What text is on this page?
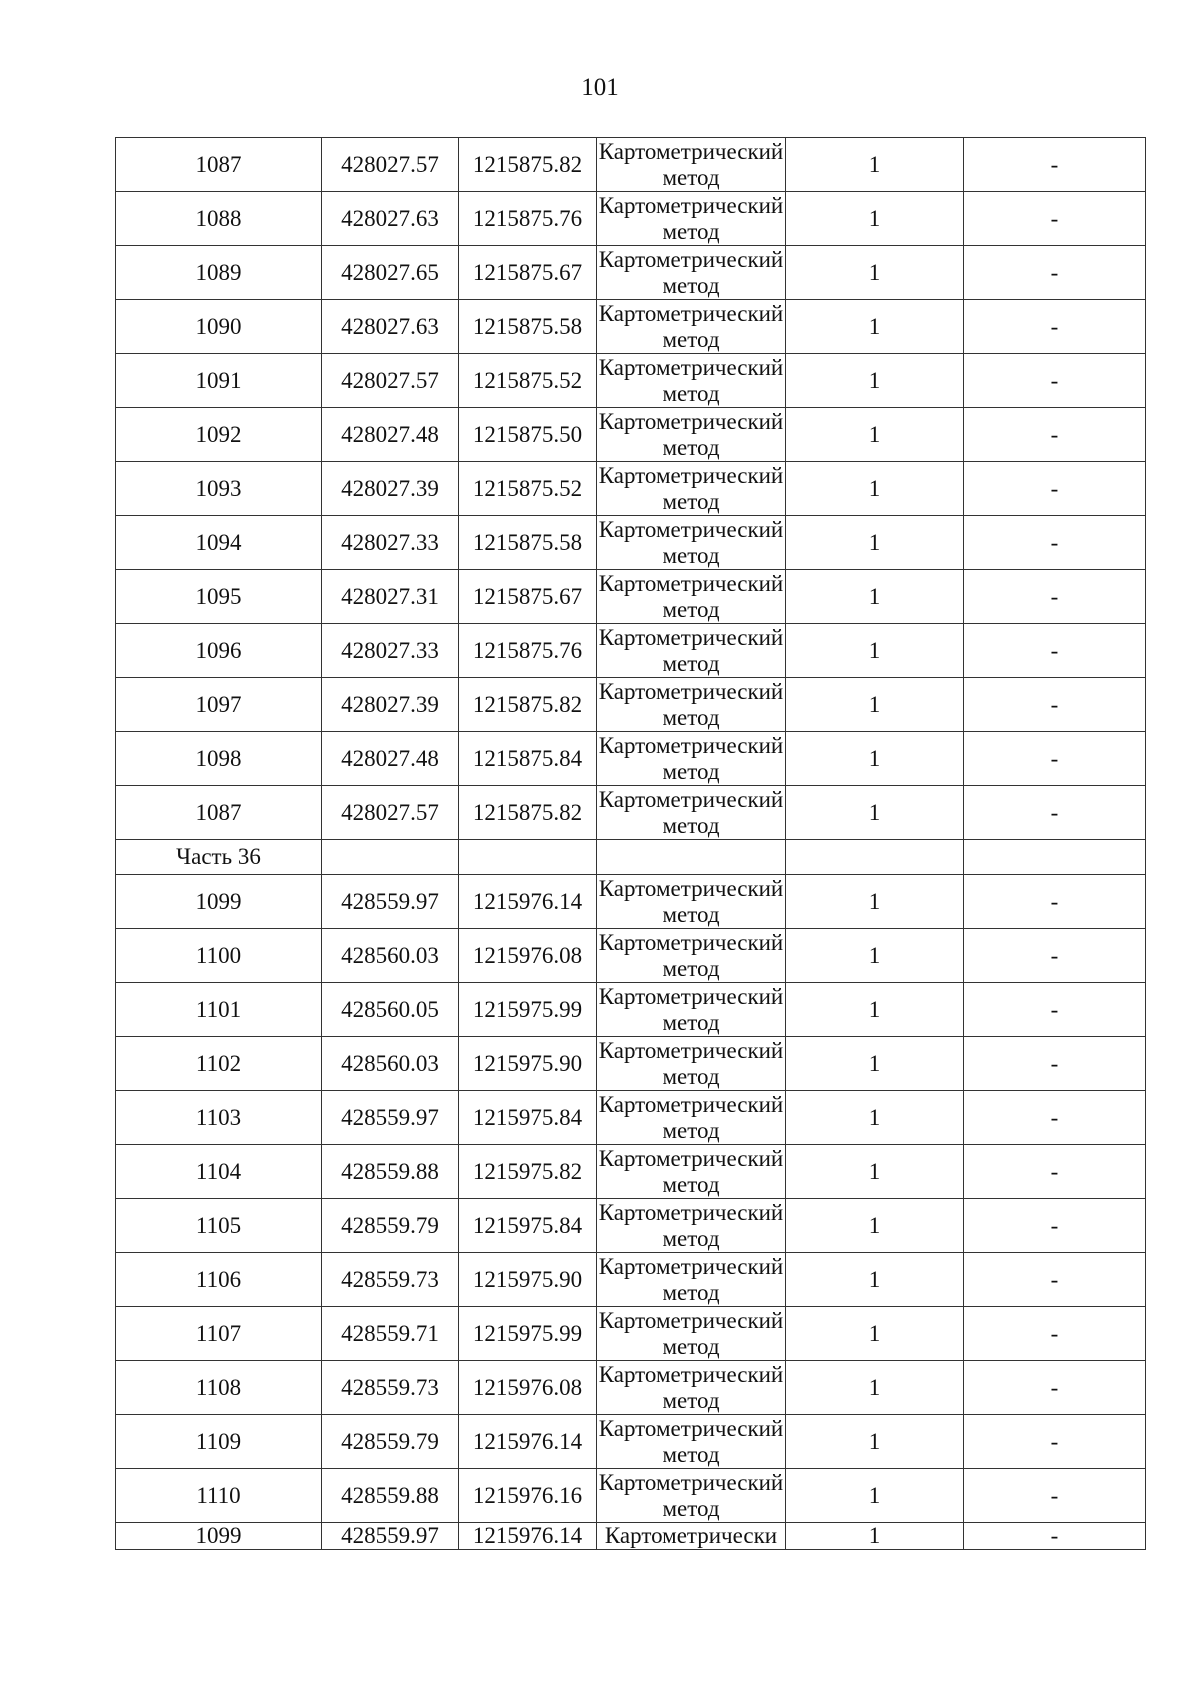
101
1087	428027.57	1215875.82	Картометрический метод	1	-
1088	428027.63	1215875.76	Картометрический метод	1	-
1089	428027.65	1215875.67	Картометрический метод	1	-
1090	428027.63	1215875.58	Картометрический метод	1	-
1091	428027.57	1215875.52	Картометрический метод	1	-
1092	428027.48	1215875.50	Картометрический метод	1	-
1093	428027.39	1215875.52	Картометрический метод	1	-
1094	428027.33	1215875.58	Картометрический метод	1	-
1095	428027.31	1215875.67	Картометрический метод	1	-
1096	428027.33	1215875.76	Картометрический метод	1	-
1097	428027.39	1215875.82	Картометрический метод	1	-
1098	428027.48	1215875.84	Картометрический метод	1	-
1087	428027.57	1215875.82	Картометрический метод	1	-
Часть 36					
1099	428559.97	1215976.14	Картометрический метод	1	-
1100	428560.03	1215976.08	Картометрический метод	1	-
1101	428560.05	1215975.99	Картометрический метод	1	-
1102	428560.03	1215975.90	Картометрический метод	1	-
1103	428559.97	1215975.84	Картометрический метод	1	-
1104	428559.88	1215975.82	Картометрический метод	1	-
1105	428559.79	1215975.84	Картометрический метод	1	-
1106	428559.73	1215975.90	Картометрический метод	1	-
1107	428559.71	1215975.99	Картометрический метод	1	-
1108	428559.73	1215976.08	Картометрический метод	1	-
1109	428559.79	1215976.14	Картометрический метод	1	-
1110	428559.88	1215976.16	Картометрический метод	1	-
1099	428559.97	1215976.14	Картометрически	1	-
